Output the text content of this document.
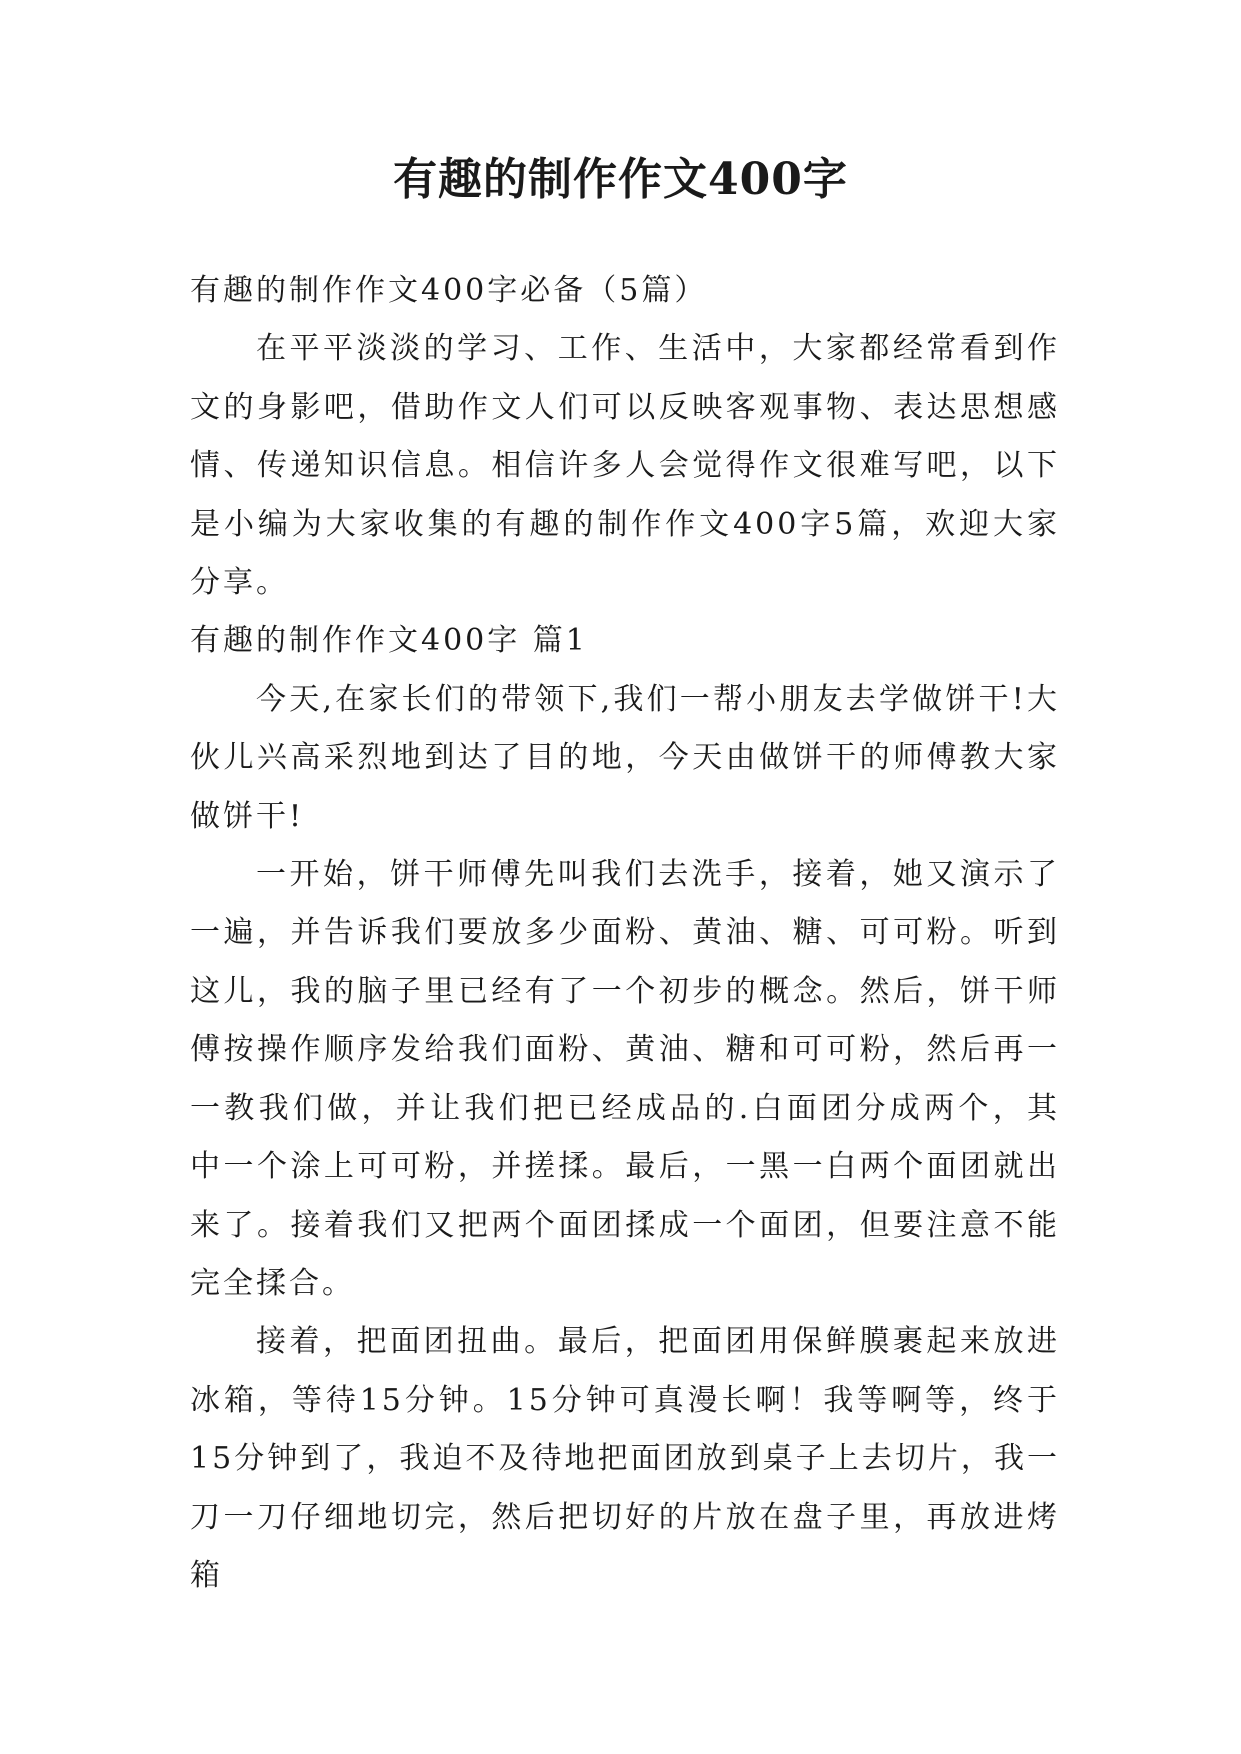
有趣的制作作文400字

有趣的制作作文400字必备（5篇）

在平平淡淡的学习、工作、生活中，大家都经常看到作文的身影吧，借助作文人们可以反映客观事物、表达思想感情、传递知识信息。相信许多人会觉得作文很难写吧，以下是小编为大家收集的有趣的制作作文400字5篇，欢迎大家分享。

有趣的制作作文400字 篇1

今天,在家长们的带领下,我们一帮小朋友去学做饼干!大伙儿兴高采烈地到达了目的地，今天由做饼干的师傅教大家做饼干!

一开始，饼干师傅先叫我们去洗手，接着，她又演示了一遍，并告诉我们要放多少面粉、黄油、糖、可可粉。听到这儿，我的脑子里已经有了一个初步的概念。然后，饼干师傅按操作顺序发给我们面粉、黄油、糖和可可粉，然后再一一教我们做，并让我们把已经成品的.白面团分成两个，其中一个涂上可可粉，并搓揉。最后，一黑一白两个面团就出来了。接着我们又把两个面团揉成一个面团，但要注意不能完全揉合。

接着，把面团扭曲。最后，把面团用保鲜膜裹起来放进冰箱，等待15分钟。15分钟可真漫长啊！我等啊等，终于15分钟到了，我迫不及待地把面团放到桌子上去切片，我一刀一刀仔细地切完，然后把切好的片放在盘子里，再放进烤箱
